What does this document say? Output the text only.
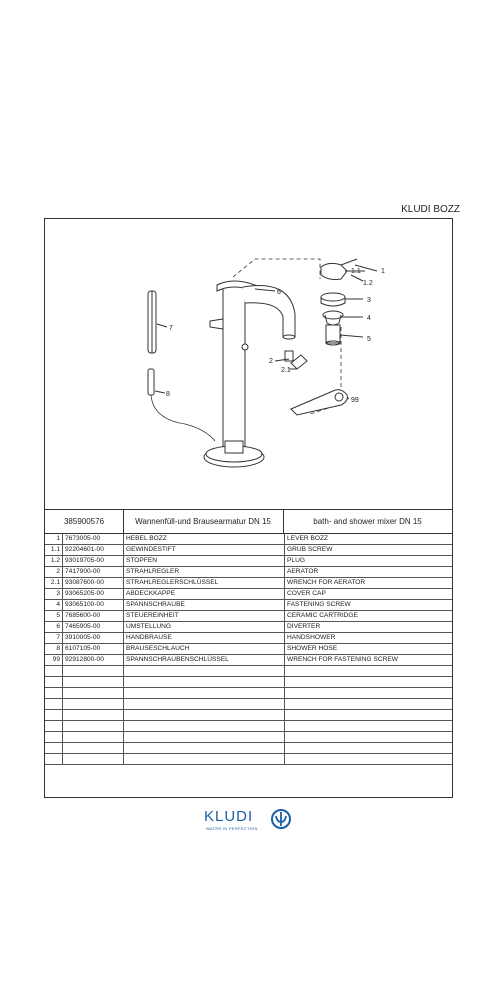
KLUDI BOZZ
1.1	1
1.2
3
4
5
6
7
2
2.1
8
99
385900576	Wannenfüll-und Brausearmatur DN 15	bath- and shower mixer DN 15
1	7673005-00	HEBEL BOZZ	LEVER BOZZ
1.1	92204601-00	GEWINDESTIFT	GRUB SCREW
1.2	93019705-00	STOPFEN	PLUG
2	7417900-00	STRAHLREGLER	AERATOR
2.1	93087600-00	STRAHLREGLERSCHLÜSSEL	WRENCH FOR AERATOR
3	93065205-00	ABDECKKAPPE	COVER CAP
4	93065100-00	SPANNSCHRAUBE	FASTENING SCREW
5	7685600-00	STEUEREINHEIT	CERAMIC CARTRIDGE
6	7465905-00	UMSTELLUNG	DIVERTER
7	3910005-00	HANDBRAUSE	HANDSHOWER
8	6107105-00	BRAUSESCHLAUCH	SHOWER HOSE
99	92912800-00	SPANNSCHRAUBENSCHLÜSSEL	WRENCH FOR FASTENING SCREW

KLUDI
WATER IN PERFECTION
